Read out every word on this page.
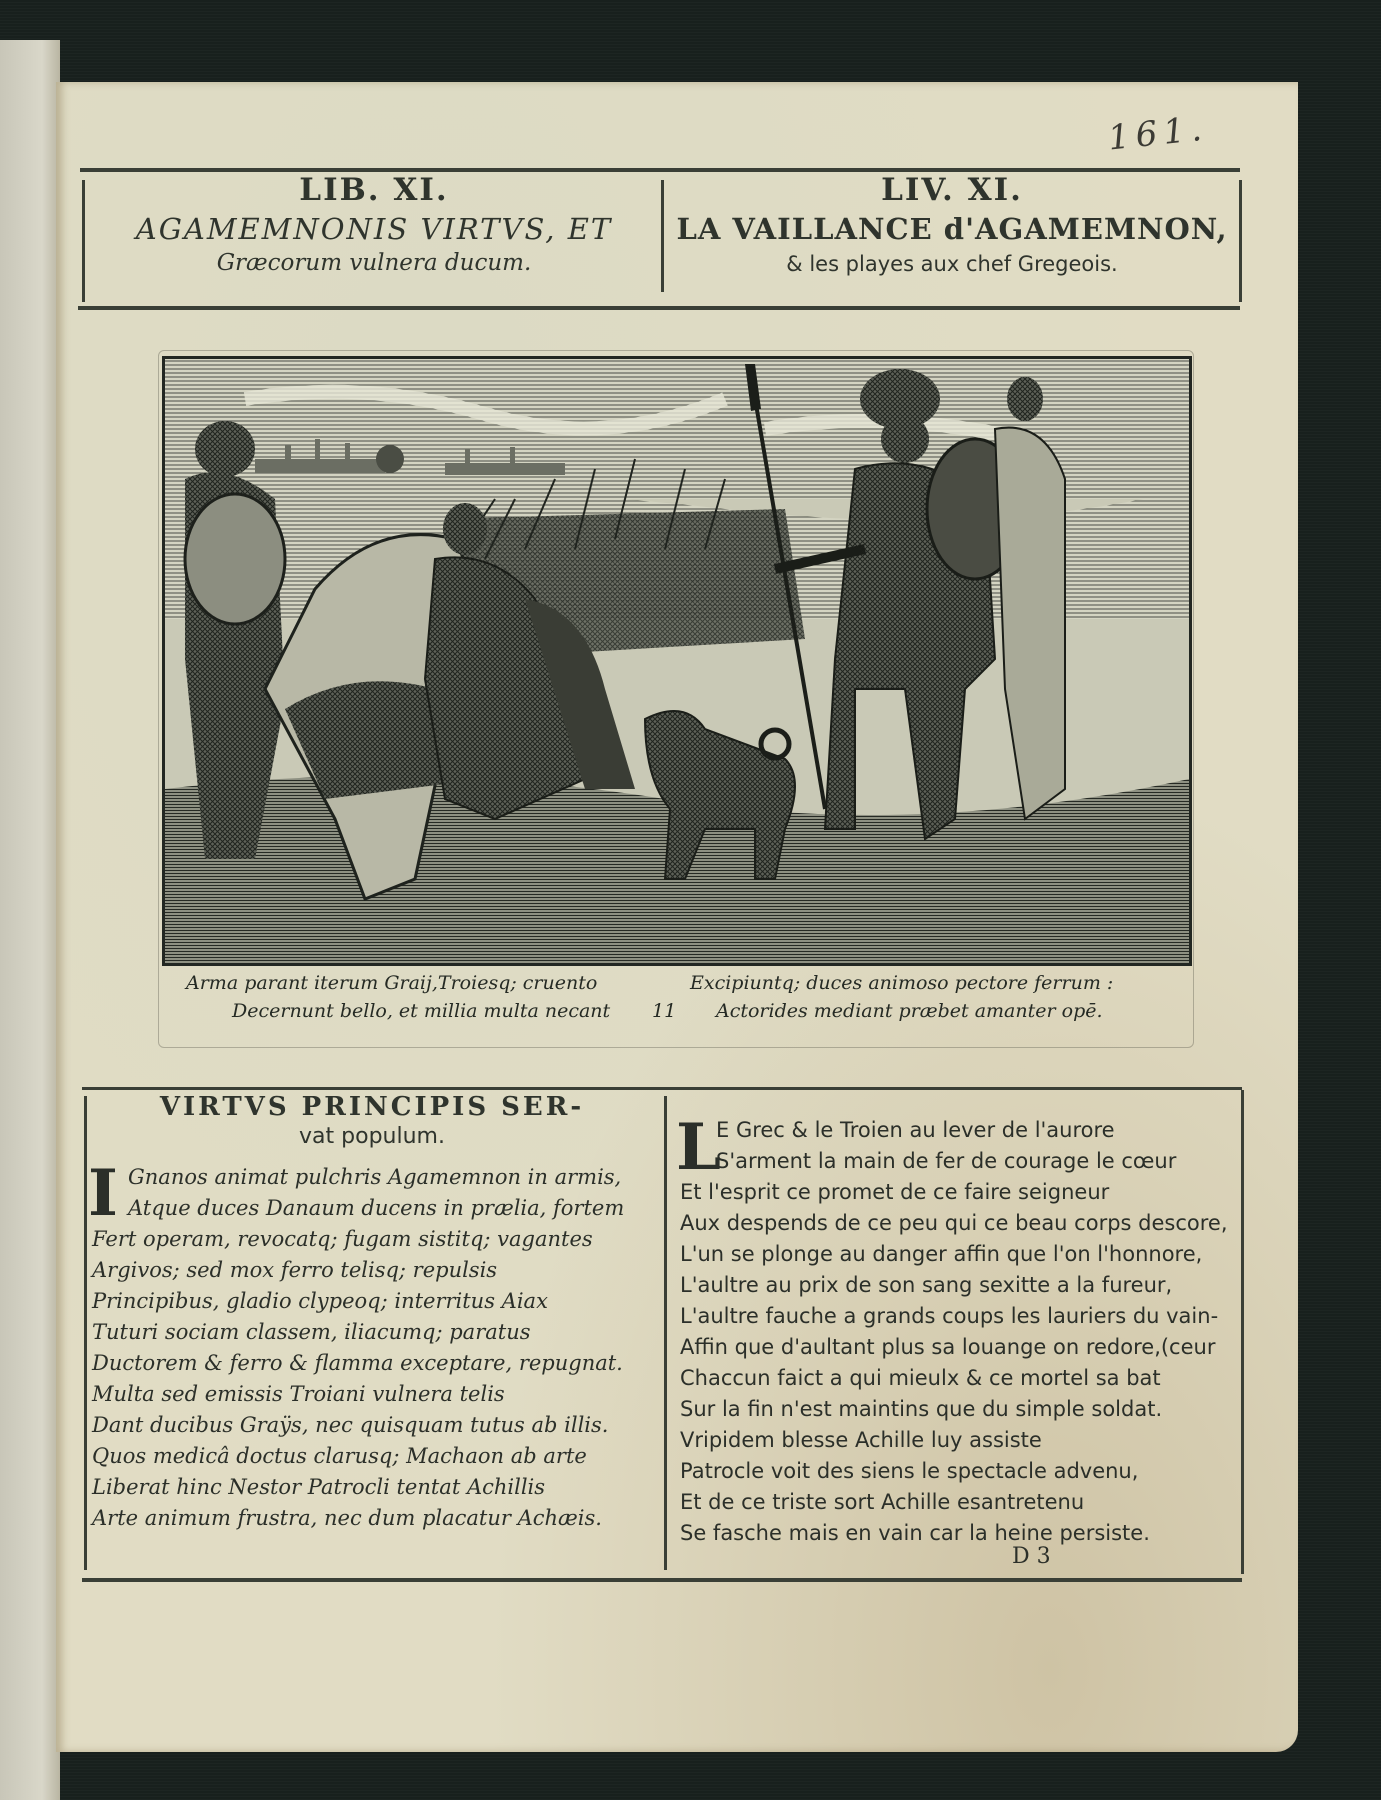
161.
LIB. XI.
AGAMEMNONIS VIRTVS, ET
Græcorum vulnera ducum.
LIV. XI.
LA VAILLANCE d'AGAMEMNON,
& les playes aux chef Gregeois.
Arma parant iterum Graij,Troiesq; cruento
Decernunt bello, et millia multa necant 11
Excipiuntq; duces animoso pectore ferrum :
Actorides mediant præbet amanter opē.
VIRTVS PRINCIPIS SER-
vat populum.
I Gnanos animat pulchris Agamemnon in armis,
Atque duces Danaum ducens in prælia, fortem
Fert operam, revocatq; fugam sistitq; vagantes
Argivos; sed mox ferro telisq; repulsis
Principibus, gladio clypeoq; interritus Aiax
Tuturi sociam classem, iliacumq; paratus
Ductorem & ferro & flamma exceptare, repugnat.
Multa sed emissis Troiani vulnera telis
Dant ducibus Graÿs, nec quisquam tutus ab illis.
Quos medicâ doctus clarusq; Machaon ab arte
Liberat hinc Nestor Patrocli tentat Achillis
Arte animum frustra, nec dum placatur Achæis.
L
E Grec & le Troien au lever de l'aurore
S'arment la main de fer de courage le cœur
Et l'esprit ce promet de ce faire seigneur
Aux despends de ce peu qui ce beau corps descore,
L'un se plonge au danger affin que l'on l'honnore,
L'aultre au prix de son sang sexitte a la fureur,
L'aultre fauche a grands coups les lauriers du vain-
Affin que d'aultant plus sa louange on redore,(ceur
Chaccun faict a qui mieulx & ce mortel sa bat
Sur la fin n'est maintins que du simple soldat.
Vripidem blesse Achille luy assiste
Patrocle voit des siens le spectacle advenu,
Et de ce triste sort Achille esantretenu
Se fasche mais en vain car la heine persiste.
D 3
